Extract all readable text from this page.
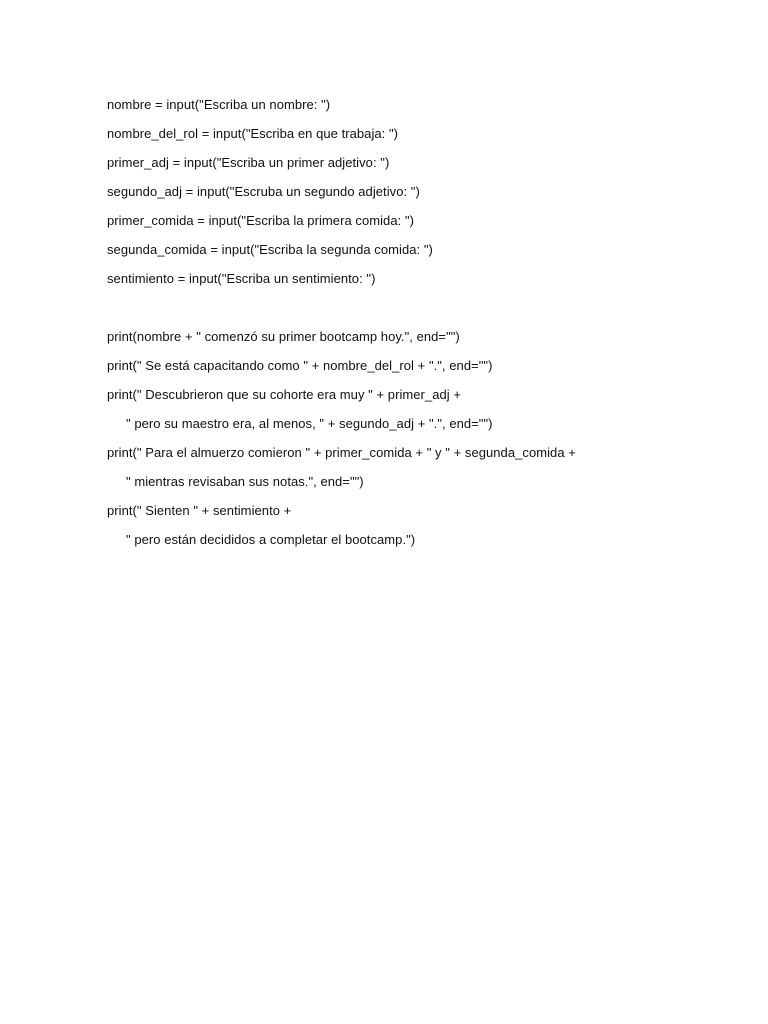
nombre = input("Escriba un nombre: ")
nombre_del_rol = input("Escriba en que trabaja: ")
primer_adj = input("Escriba un primer adjetivo: ")
segundo_adj = input("Escruba un segundo adjetivo: ")
primer_comida = input("Escriba la primera comida: ")
segunda_comida = input("Escriba la segunda comida: ")
sentimiento = input("Escriba un sentimiento: ")
print(nombre + " comenzó su primer bootcamp hoy.", end="")
print(" Se está capacitando como " + nombre_del_rol + ".", end="")
print(" Descubrieron que su cohorte era muy " + primer_adj +
" pero su maestro era, al menos, " + segundo_adj + ".", end="")
print(" Para el almuerzo comieron " + primer_comida + " y " + segunda_comida +
" mientras revisaban sus notas.", end="")
print(" Sienten " + sentimiento +
" pero están decididos a completar el bootcamp.")
